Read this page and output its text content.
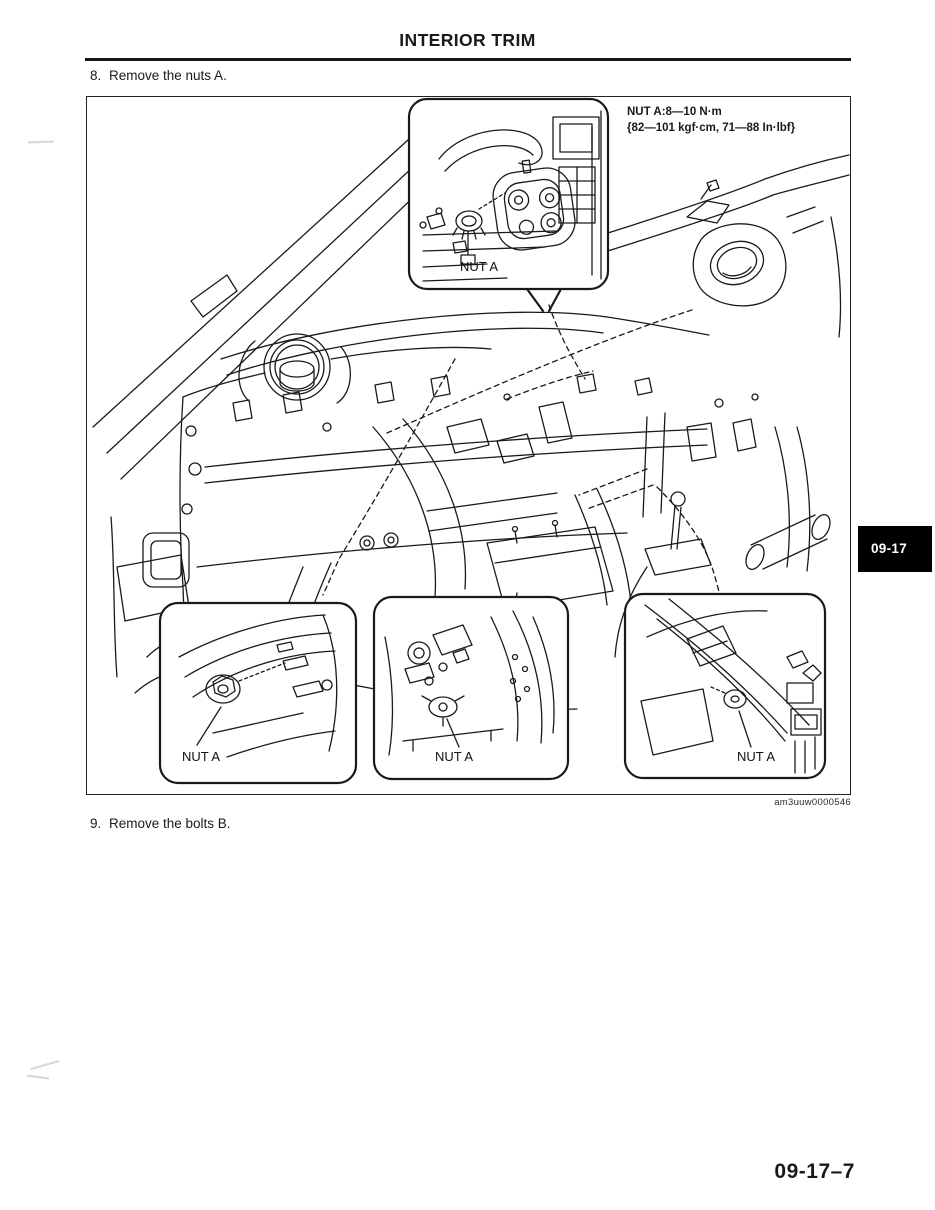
INTERIOR TRIM
8. Remove the nuts A.
NUT A:8—10 N·m
{82—101 kgf·cm, 71—88 In·lbf}
NUT A
NUT A	NUT A	NUT A
am3uuw0000546
9. Remove the bolts B.
09-17
09-17–7
